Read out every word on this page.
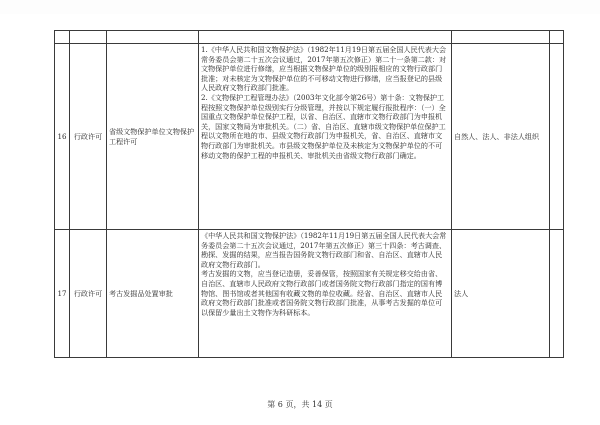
16	行政许可	省级文物保护单位文物保护工程许可	1.《中华人民共和国文物保护法》（1982年11月19日第五届全国人民代表大会常务委员会第二十五次会议通过，2017年第五次修正）第二十一条第二款：对文物保护单位进行修缮，应当根据文物保护单位的级别报相应的文物行政部门批准；对未核定为文物保护单位的不可移动文物进行修缮，应当报登记的县级人民政府文物行政部门批准。
2.《文物保护工程管理办法》（2003年文化部令第26号）第十条：文物保护工程按照文物保护单位级别实行分级管理，并按以下规定履行报批程序：（一）全国重点文物保护单位保护工程，以省、自治区、直辖市文物行政部门为申报机关，国家文物局为审批机关。（二）省、自治区、直辖市级文物保护单位保护工程以文物所在地的市、县级文物行政部门为申报机关，省、自治区、直辖市文物行政部门为审批机关。市县级文物保护单位及未核定为文物保护单位的不可移动文物的保护工程的申报机关、审批机关由省级文物行政部门确定。	自然人、法人、非法人组织	
17	行政许可	考古发掘品处置审批	《中华人民共和国文物保护法》（1982年11月19日第五届全国人民代表大会常务委员会第二十五次会议通过，2017年第五次修正）第三十四条：考古调查、勘探、发掘的结果，应当报告国务院文物行政部门和省、自治区、直辖市人民政府文物行政部门。
考古发掘的文物，应当登记造册，妥善保管，按照国家有关规定移交给由省、自治区、直辖市人民政府文物行政部门或者国务院文物行政部门指定的国有博物馆、图书馆或者其他国有收藏文物的单位收藏。经省、自治区、直辖市人民政府文物行政部门批准或者国务院文物行政部门批准，从事考古发掘的单位可以保留少量出土文物作为科研标本。	法人	
第 6 页，共 14 页
